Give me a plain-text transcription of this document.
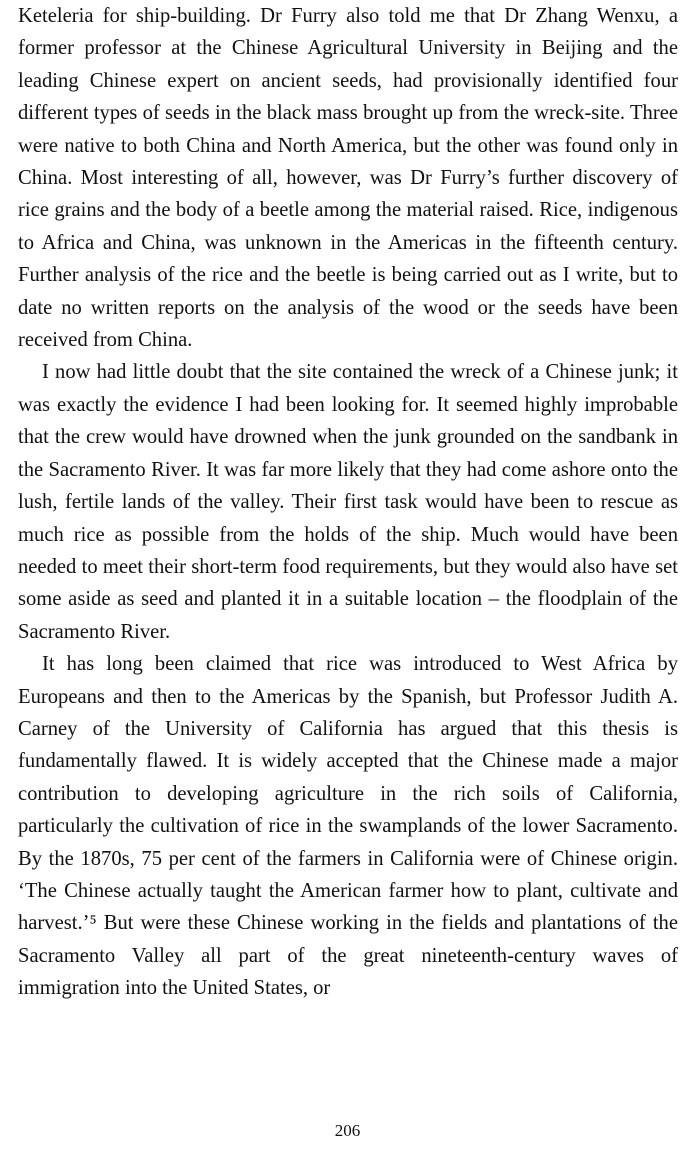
Keteleria for ship-building. Dr Furry also told me that Dr Zhang Wenxu, a former professor at the Chinese Agricultural University in Beijing and the leading Chinese expert on ancient seeds, had provisionally identified four different types of seeds in the black mass brought up from the wreck-site. Three were native to both China and North America, but the other was found only in China. Most interesting of all, however, was Dr Furry’s further discovery of rice grains and the body of a beetle among the material raised. Rice, indigenous to Africa and China, was unknown in the Americas in the fifteenth century. Further analysis of the rice and the beetle is being carried out as I write, but to date no written reports on the analysis of the wood or the seeds have been received from China.

I now had little doubt that the site contained the wreck of a Chinese junk; it was exactly the evidence I had been looking for. It seemed highly improbable that the crew would have drowned when the junk grounded on the sandbank in the Sacramento River. It was far more likely that they had come ashore onto the lush, fertile lands of the valley. Their first task would have been to rescue as much rice as possible from the holds of the ship. Much would have been needed to meet their short-term food requirements, but they would also have set some aside as seed and planted it in a suitable location – the floodplain of the Sacramento River.

It has long been claimed that rice was introduced to West Africa by Europeans and then to the Americas by the Spanish, but Professor Judith A. Carney of the University of California has argued that this thesis is fundamentally flawed. It is widely accepted that the Chinese made a major contribution to developing agriculture in the rich soils of California, particularly the cultivation of rice in the swamplands of the lower Sacramento. By the 1870s, 75 per cent of the farmers in California were of Chinese origin. ‘The Chinese actually taught the American farmer how to plant, cultivate and harvest.’⁵ But were these Chinese working in the fields and plantations of the Sacramento Valley all part of the great nineteenth-century waves of immigration into the United States, or

206
